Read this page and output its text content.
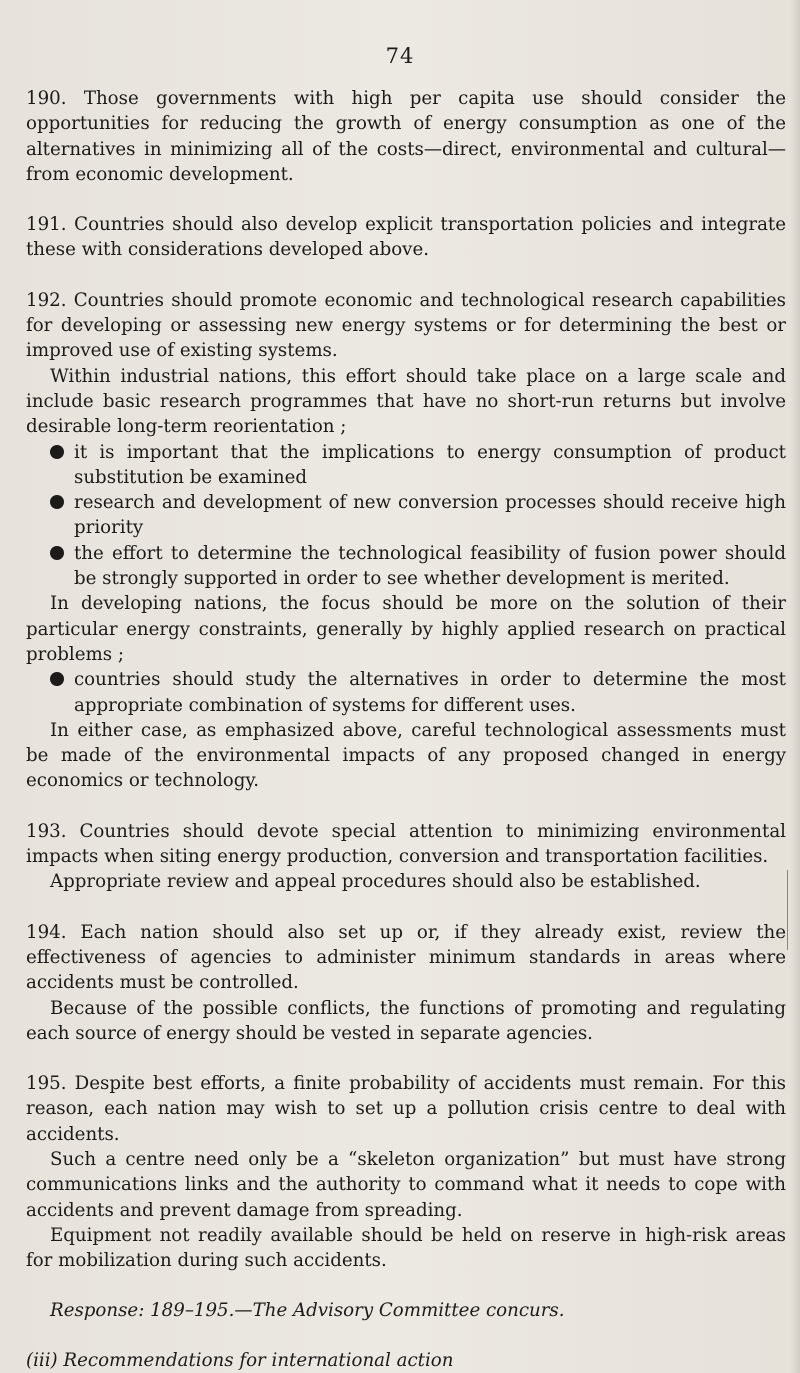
74

190. Those governments with high per capita use should consider the opportunities for reducing the growth of energy consumption as one of the alternatives in minimizing all of the costs—direct, environmental and cultural—from economic development.

191. Countries should also develop explicit transportation policies and integrate these with considerations developed above.

192. Countries should promote economic and technological research capabilities for developing or assessing new energy systems or for determining the best or improved use of existing systems.

Within industrial nations, this effort should take place on a large scale and include basic research programmes that have no short-run returns but involve desirable long-term reorientation ;

it is important that the implications to energy consumption of product substitution be examined

research and development of new conversion processes should receive high priority

the effort to determine the technological feasibility of fusion power should be strongly supported in order to see whether development is merited.

In developing nations, the focus should be more on the solution of their particular energy constraints, generally by highly applied research on practical problems ;

countries should study the alternatives in order to determine the most appropriate combination of systems for different uses.

In either case, as emphasized above, careful technological assessments must be made of the environmental impacts of any proposed changed in energy economics or technology.

193. Countries should devote special attention to minimizing environmental impacts when siting energy production, conversion and transportation facilities.

Appropriate review and appeal procedures should also be established.

194. Each nation should also set up or, if they already exist, review the effectiveness of agencies to administer minimum standards in areas where accidents must be controlled.

Because of the possible conflicts, the functions of promoting and regulating each source of energy should be vested in separate agencies.

195. Despite best efforts, a finite probability of accidents must remain. For this reason, each nation may wish to set up a pollution crisis centre to deal with accidents.

Such a centre need only be a “skeleton organization” but must have strong communications links and the authority to command what it needs to cope with accidents and prevent damage from spreading.

Equipment not readily available should be held on reserve in high-risk areas for mobilization during such accidents.

Response: 189–195.—The Advisory Committee concurs.

(iii) Recommendations for international action
